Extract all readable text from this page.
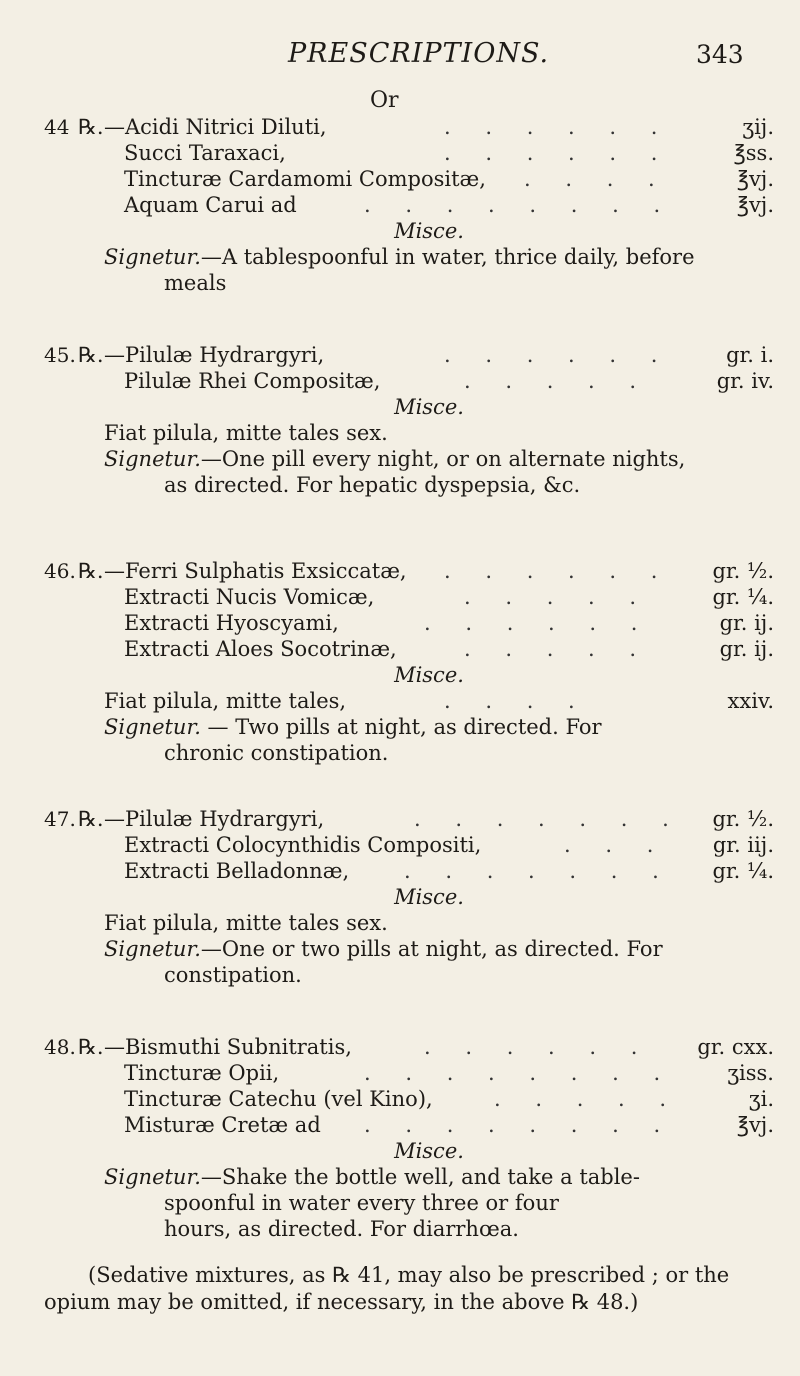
PRESCRIPTIONS.	343
Or
44 ℞. —Acidi Nitrici Diluti,	. . . . . .	ʒij.
Succi Taraxaci,	. . . . . .	℥ss.
Tincturæ Cardamomi Compositæ, . . . .	℥vj.
Aquam Carui ad	. . . . . . . .	℥vj.
Misce.
Signetur.—A tablespoonful in water, thrice daily, before
meals
45. ℞. —Pilulæ Hydrargyri,	. . . . . .	gr. i.
Pilulæ Rhei Compositæ,	. . . . .	gr. iv.
Misce.
Fiat pilula, mitte tales sex.
Signetur.—One pill every night, or on alternate nights,
as directed. For hepatic dyspepsia, &c.
46. ℞. —Ferri Sulphatis Exsiccatæ, . . . . . . gr. ½.
Extracti Nucis Vomicæ,	. . . . .	gr. ¼.
Extracti Hyoscyami,	. . . . . .	gr. ij.
Extracti Aloes Socotrinæ,	. . . . .	gr. ij.
Misce.
Fiat pilula, mitte tales,	. . . .	xxiv.
Signetur. — Two pills at night, as directed. For
chronic constipation.
47. ℞. —Pilulæ Hydrargyri,	. . . . . . . gr. ½.
Extracti Colocynthidis Compositi,	. . . gr. iij.
Extracti Belladonnæ,	. . . . . . . gr. ¼.
Misce.
Fiat pilula, mitte tales sex.
Signetur.—One or two pills at night, as directed. For
constipation.
48. ℞. —Bismuthi Subnitratis,	. . . . . . gr. cxx.
Tincturæ Opii,	. . . . . . . .	ʒiss.
Tincturæ Catechu (vel Kino),	. . . . .	ʒi.
Misturæ Cretæ ad . . . . . . . .	℥vj.
Misce.
Signetur.—Shake the bottle well, and take a table-
spoonful in water every three or four
hours, as directed. For diarrhœa.
(Sedative mixtures, as ℞ 41, may also be prescribed ; or the
opium may be omitted, if necessary, in the above ℞ 48.)
